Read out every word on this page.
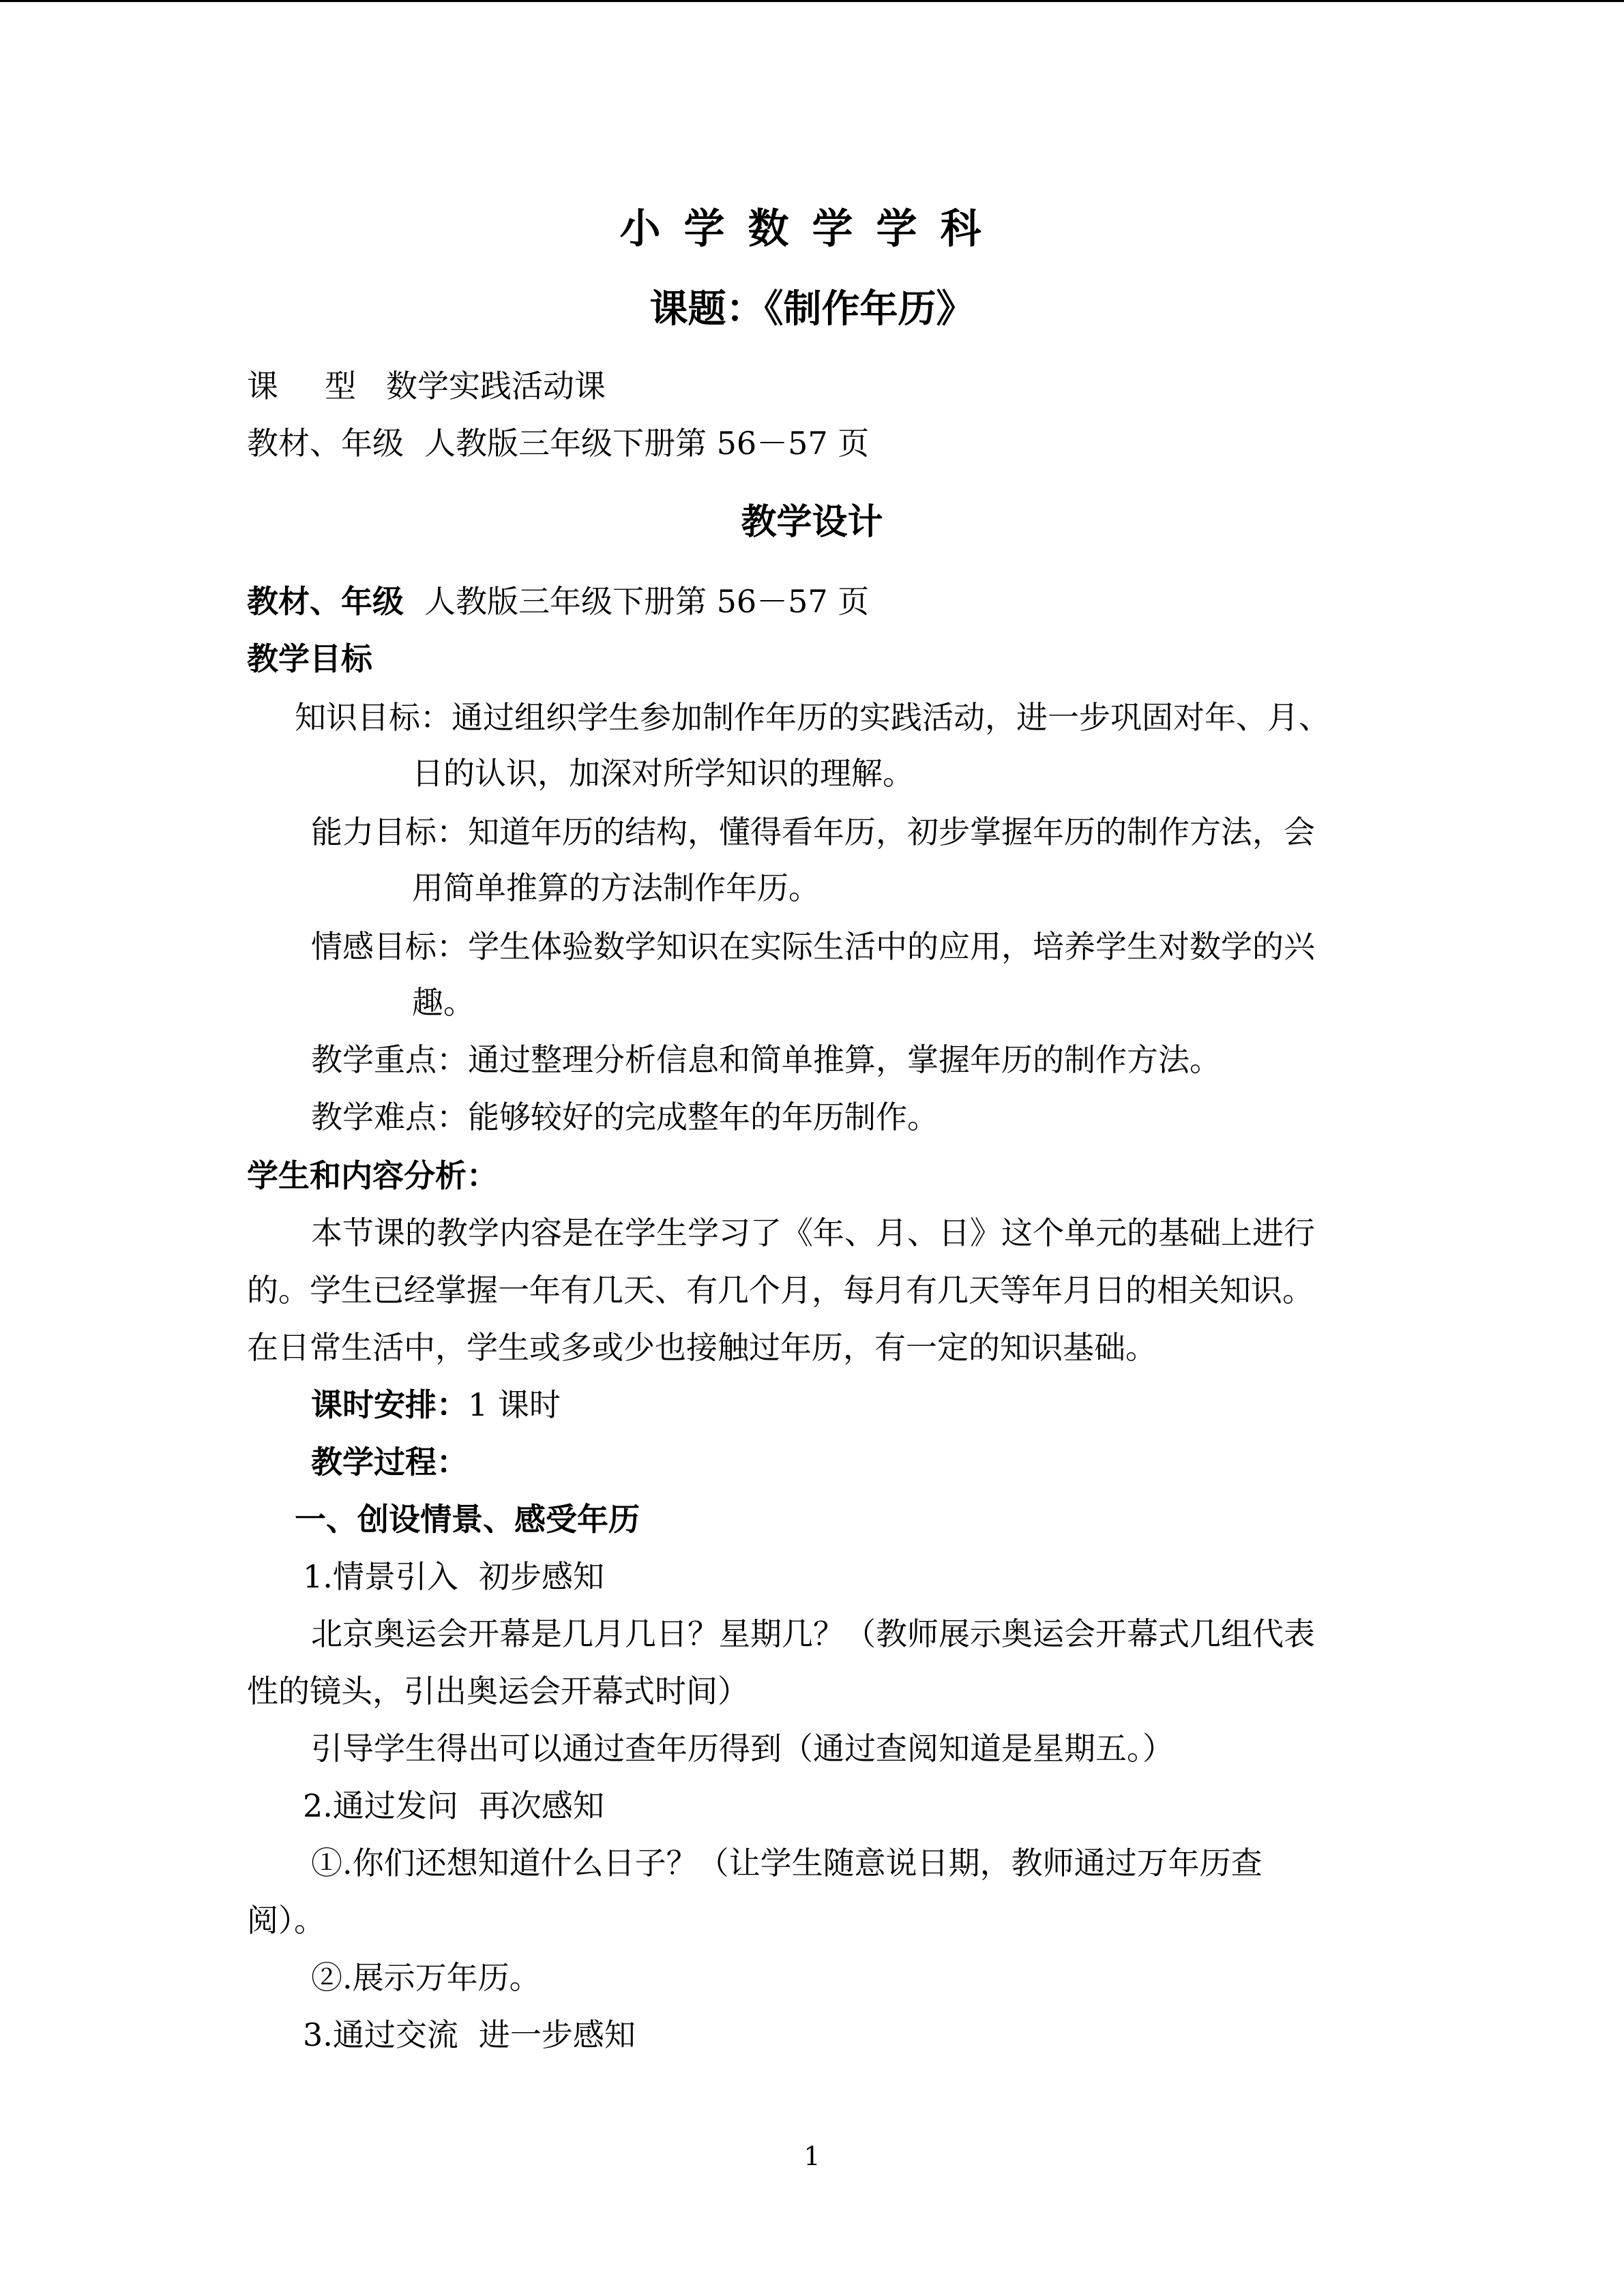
小学数学学科
课题：《制作年历》
课 型 数学实践活动课
教材、年级 人教版三年级下册第 56－57 页
教学设计
教材、年级 人教版三年级下册第 56－57 页
教学目标
知识目标：通过组织学生参加制作年历的实践活动，进一步巩固对年、月、
日的认识，加深对所学知识的理解。
能力目标：知道年历的结构，懂得看年历，初步掌握年历的制作方法，会
用简单推算的方法制作年历。
情感目标：学生体验数学知识在实际生活中的应用，培养学生对数学的兴
趣。
教学重点：通过整理分析信息和简单推算，掌握年历的制作方法。
教学难点：能够较好的完成整年的年历制作。
学生和内容分析：
本节课的教学内容是在学生学习了《年、月、日》这个单元的基础上进行
的。学生已经掌握一年有几天、有几个月，每月有几天等年月日的相关知识。
在日常生活中，学生或多或少也接触过年历，有一定的知识基础。
课时安排：1 课时
教学过程：
一、创设情景、感受年历
1.情景引入 初步感知
北京奥运会开幕是几月几日？星期几？（教师展示奥运会开幕式几组代表
性的镜头，引出奥运会开幕式时间）
引导学生得出可以通过查年历得到（通过查阅知道是星期五。）
2.通过发问 再次感知
①.你们还想知道什么日子？（让学生随意说日期，教师通过万年历查
阅）。
②.展示万年历。
3.通过交流 进一步感知
1
